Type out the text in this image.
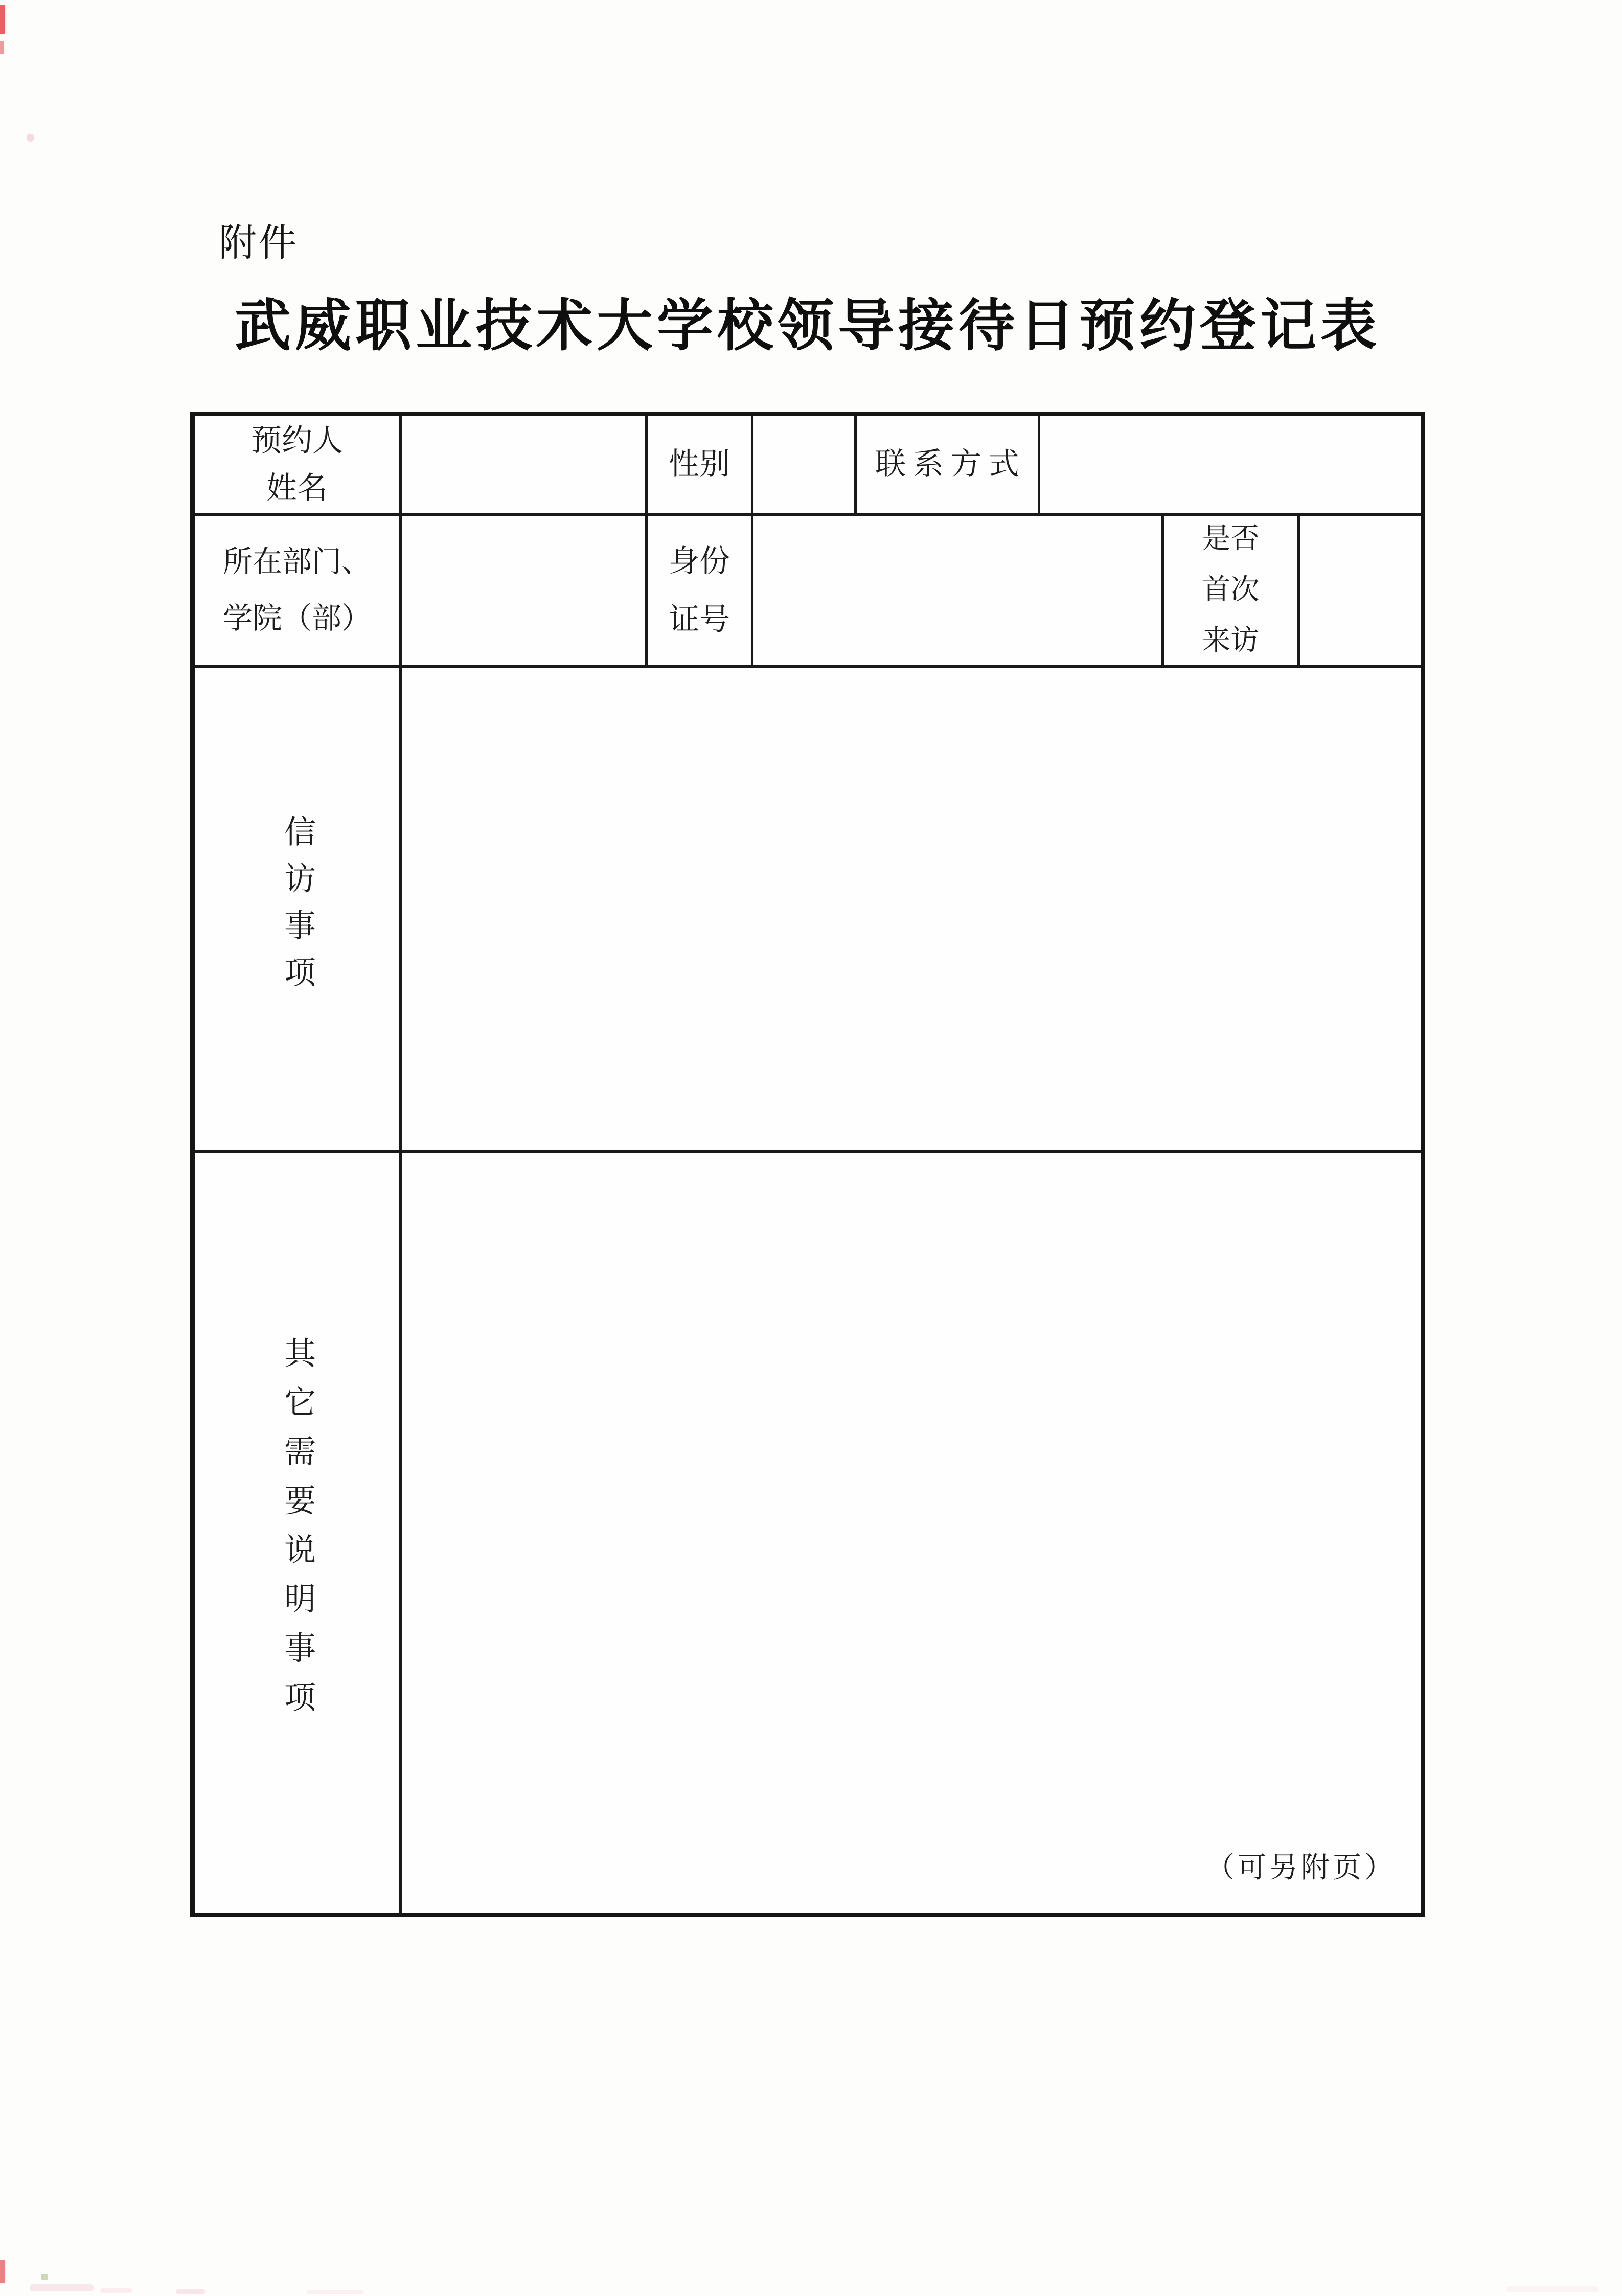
附件
武威职业技术大学校领导接待日预约登记表
预约人姓名
性别	联系方式
所在部门、学院（部）
身份证号
是否首次来访
信访事项
其它需要说明事项
（可另附页）
